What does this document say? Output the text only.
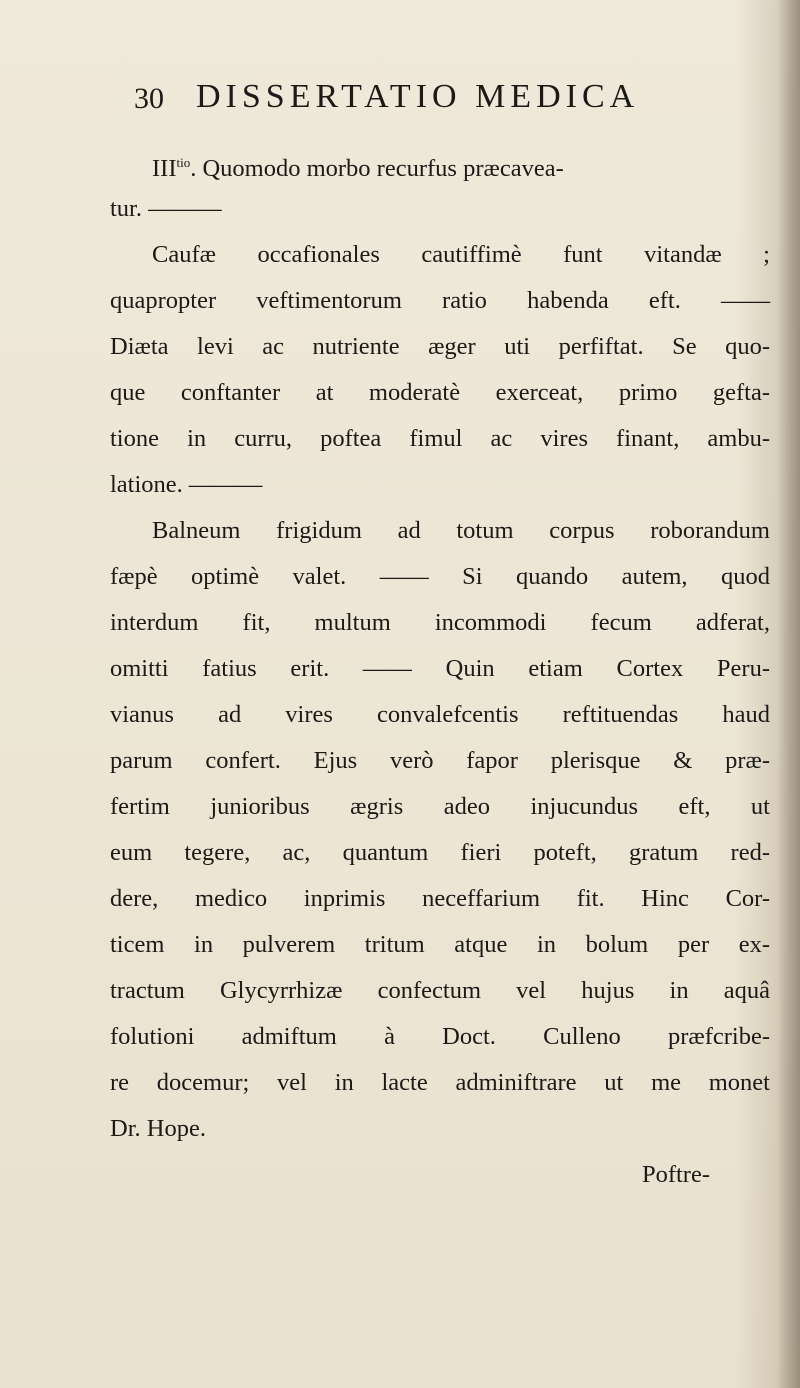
30 DISSERTATIO MEDICA
$III^{tio}$. Quomodo morbo recurfus præcavea-
tur. ———
Caufæ occafionales cautiffimè funt vitandæ ;
quapropter veftimentorum ratio habenda eft. ——
Diæta levi ac nutriente æger uti perfiftat. Se quo-
que conftanter at moderatè exerceat, primo gefta-
tione in curru, poftea fimul ac vires finant, ambu-
latione. ———
Balneum frigidum ad totum corpus roborandum
fæpè optimè valet. —— Si quando autem, quod
interdum fit, multum incommodi fecum adferat,
omitti fatius erit. —— Quin etiam Cortex Peru-
vianus ad vires convalefcentis reftituendas haud
parum confert. Ejus verò fapor plerisque & præ-
fertim junioribus ægris adeo injucundus eft, ut
eum tegere, ac, quantum fieri poteft, gratum red-
dere, medico inprimis neceffarium fit. Hinc Cor-
ticem in pulverem tritum atque in bolum per ex-
tractum Glycyrrhizæ confectum vel hujus in aquâ
folutioni admiftum à Doct. Culleno præfcribe-
re docemur; vel in lacte adminiftrare ut me monet
Dr. Hope.
Poftre-
